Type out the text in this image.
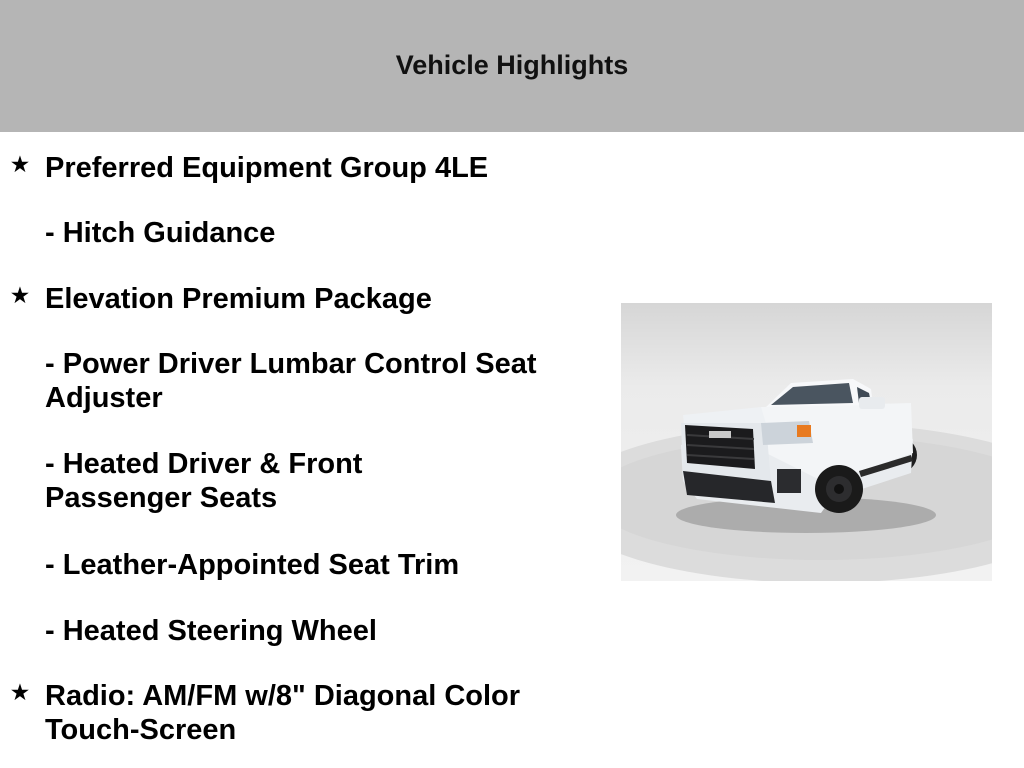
Vehicle Highlights
★ Preferred Equipment Group 4LE
- Hitch Guidance
★ Elevation Premium Package
- Power Driver Lumbar Control Seat Adjuster
- Heated Driver & Front Passenger Seats
- Leather-Appointed Seat Trim
- Heated Steering Wheel
★ Radio: AM/FM w/8" Diagonal Color Touch-Screen
